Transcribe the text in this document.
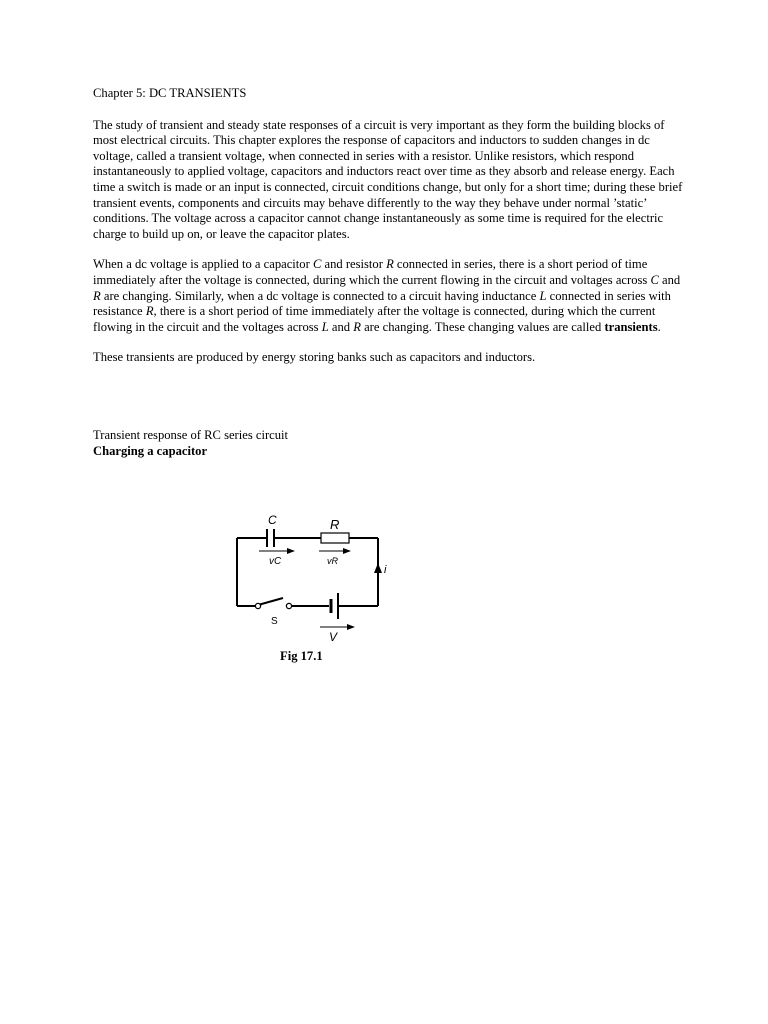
Chapter 5: DC TRANSIENTS

The study of transient and steady state responses of a circuit is very important as they form the building blocks of most electrical circuits. This chapter explores the response of capacitors and inductors to sudden changes in dc voltage, called a transient voltage, when connected in series with a resistor. Unlike resistors, which respond instantaneously to applied voltage, capacitors and inductors react over time as they absorb and release energy. Each time a switch is made or an input is connected, circuit conditions change, but only for a short time; during these brief transient events, components and circuits may behave differently to the way they behave under normal ’static’ conditions. The voltage across a capacitor cannot change instantaneously as some time is required for the electric charge to build up on, or leave the capacitor plates.

When a dc voltage is applied to a capacitor C and resistor R connected in series, there is a short period of time immediately after the voltage is connected, during which the current flowing in the circuit and voltages across C and R are changing. Similarly, when a dc voltage is connected to a circuit having inductance L connected in series with resistance R, there is a short period of time immediately after the voltage is connected, during which the current flowing in the circuit and the voltages across L and R are changing. These changing values are called transients.

These transients are produced by energy storing banks such as capacitors and inductors.

Transient response of RC series circuit

Charging a capacitor

C	R
vC	vR
i
S
V
Fig 17.1
